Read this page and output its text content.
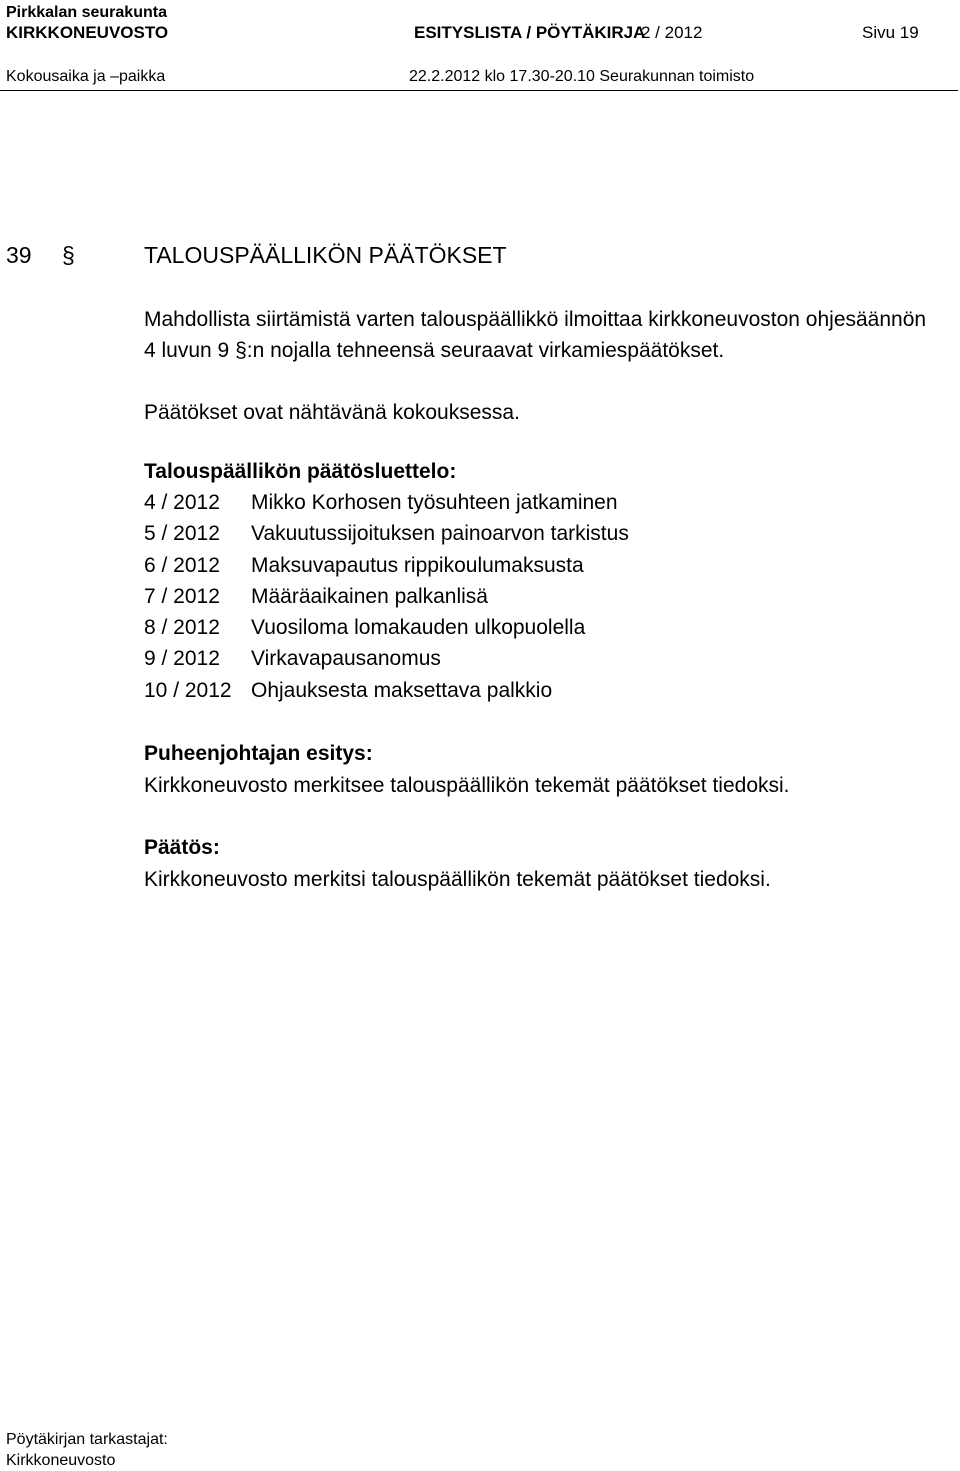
Pirkkalan seurakunta
KIRKKONEUVOSTO	ESITYSLISTA / PÖYTÄKIRJA
2 / 2012	Sivu 19
Kokousaika ja –paikka	22.2.2012 klo 17.30-20.10 Seurakunnan toimisto
39 §	TALOUSPÄÄLLIKÖN PÄÄTÖKSET
Mahdollista siirtämistä varten talouspäällikkö ilmoittaa kirkkoneuvoston ohjesäännön
4 luvun 9 §:n nojalla tehneensä seuraavat virkamiespäätökset.
Päätökset ovat nähtävänä kokouksessa.
Talouspäällikön päätösluettelo:
4 / 2012	Mikko Korhosen työsuhteen jatkaminen
5 / 2012	Vakuutussijoituksen painoarvon tarkistus
6 / 2012	Maksuvapautus rippikoulumaksusta
7 / 2012	Määräaikainen palkanlisä
8 / 2012	Vuosiloma lomakauden ulkopuolella
9 / 2012	Virkavapausanomus
10 / 2012 Ohjauksesta maksettava palkkio
Puheenjohtajan esitys:
Kirkkoneuvosto merkitsee talouspäällikön tekemät päätökset tiedoksi.
Päätös:
Kirkkoneuvosto merkitsi talouspäällikön tekemät päätökset tiedoksi.
Pöytäkirjan tarkastajat:
Kirkkoneuvosto
